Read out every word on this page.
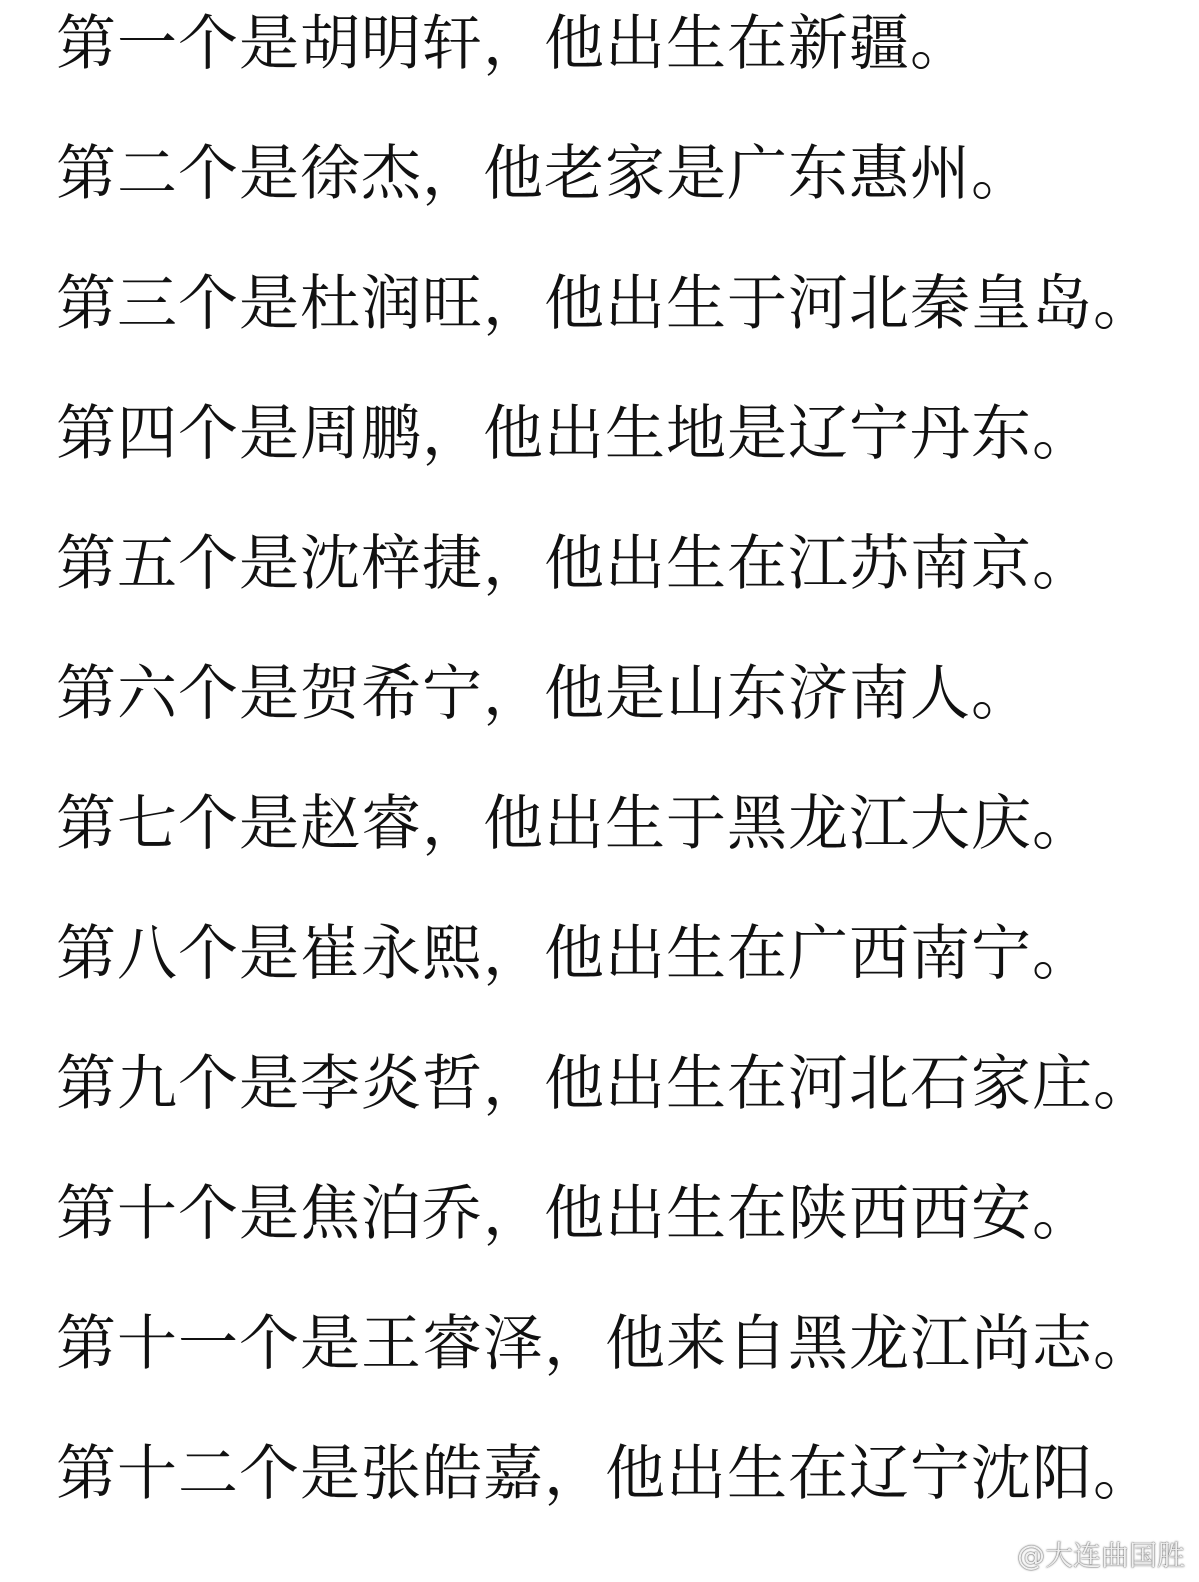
第一个是胡明轩，他出生在新疆。
第二个是徐杰，他老家是广东惠州。
第三个是杜润旺，他出生于河北秦皇岛。
第四个是周鹏，他出生地是辽宁丹东。
第五个是沈梓捷，他出生在江苏南京。
第六个是贺希宁，他是山东济南人。
第七个是赵睿，他出生于黑龙江大庆。
第八个是崔永熙，他出生在广西南宁。
第九个是李炎哲，他出生在河北石家庄。
第十个是焦泊乔，他出生在陕西西安。
第十一个是王睿泽，他来自黑龙江尚志。
第十二个是张皓嘉，他出生在辽宁沈阳。
@大连曲国胜
